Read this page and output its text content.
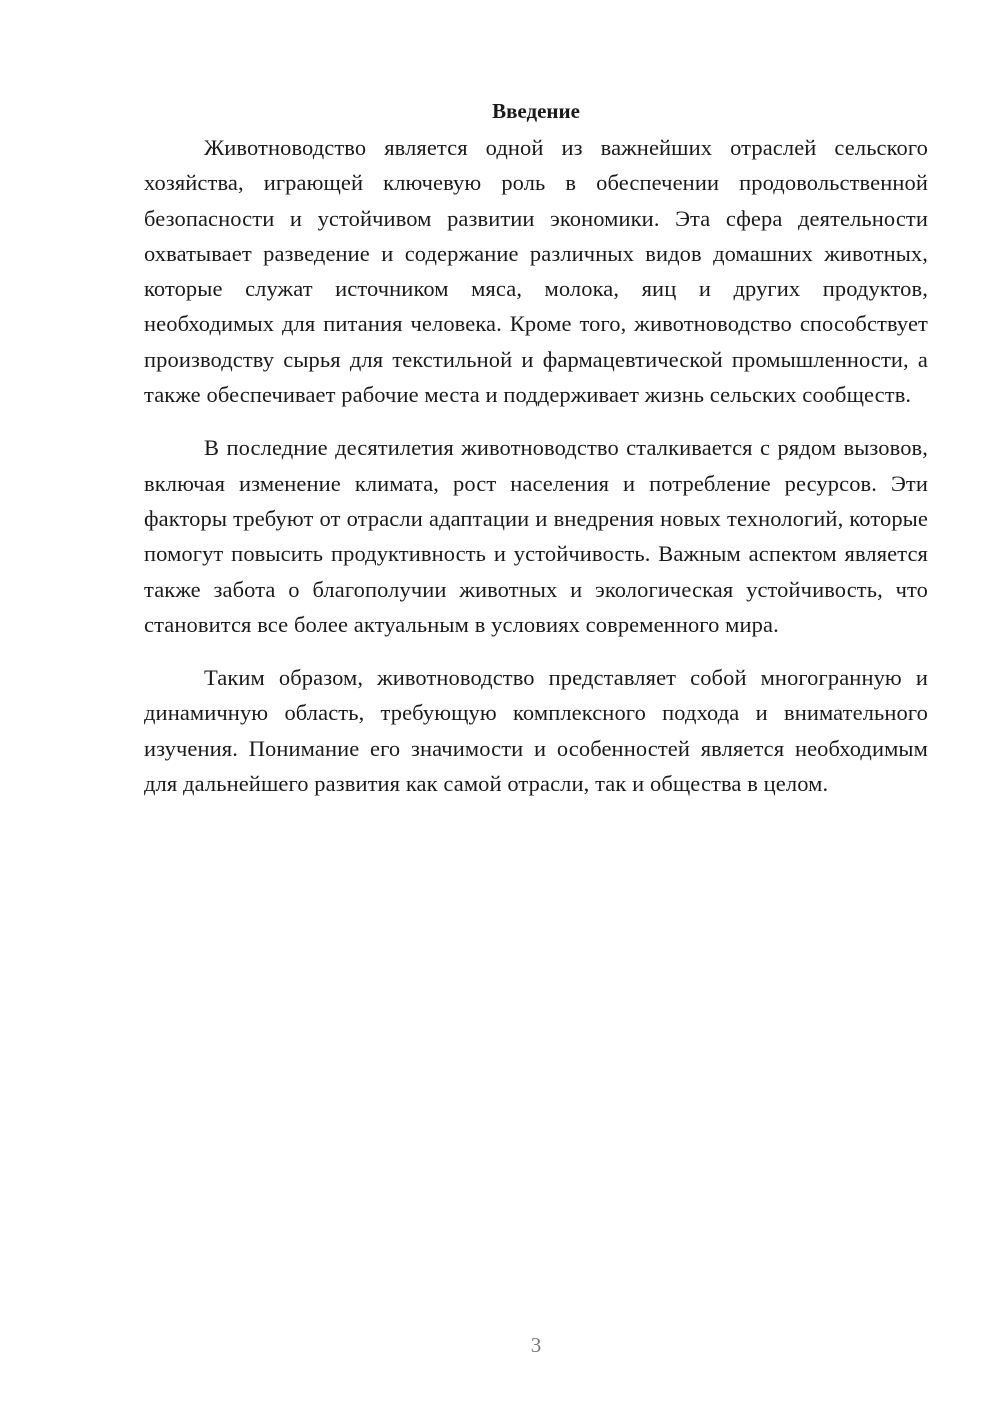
Введение

Животноводство является одной из важнейших отраслей сельского хозяйства, играющей ключевую роль в обеспечении продовольственной безопасности и устойчивом развитии экономики. Эта сфера деятельности охватывает разведение и содержание различных видов домашних животных, которые служат источником мяса, молока, яиц и других продуктов, необходимых для питания человека. Кроме того, животноводство способствует производству сырья для текстильной и фармацевтической промышленности, а также обеспечивает рабочие места и поддерживает жизнь сельских сообществ.

В последние десятилетия животноводство сталкивается с рядом вызовов, включая изменение климата, рост населения и потребление ресурсов. Эти факторы требуют от отрасли адаптации и внедрения новых технологий, которые помогут повысить продуктивность и устойчивость. Важным аспектом является также забота о благополучии животных и экологическая устойчивость, что становится все более актуальным в условиях современного мира.

Таким образом, животноводство представляет собой многогранную и динамичную область, требующую комплексного подхода и внимательного изучения. Понимание его значимости и особенностей является необходимым для дальнейшего развития как самой отрасли, так и общества в целом.

3
